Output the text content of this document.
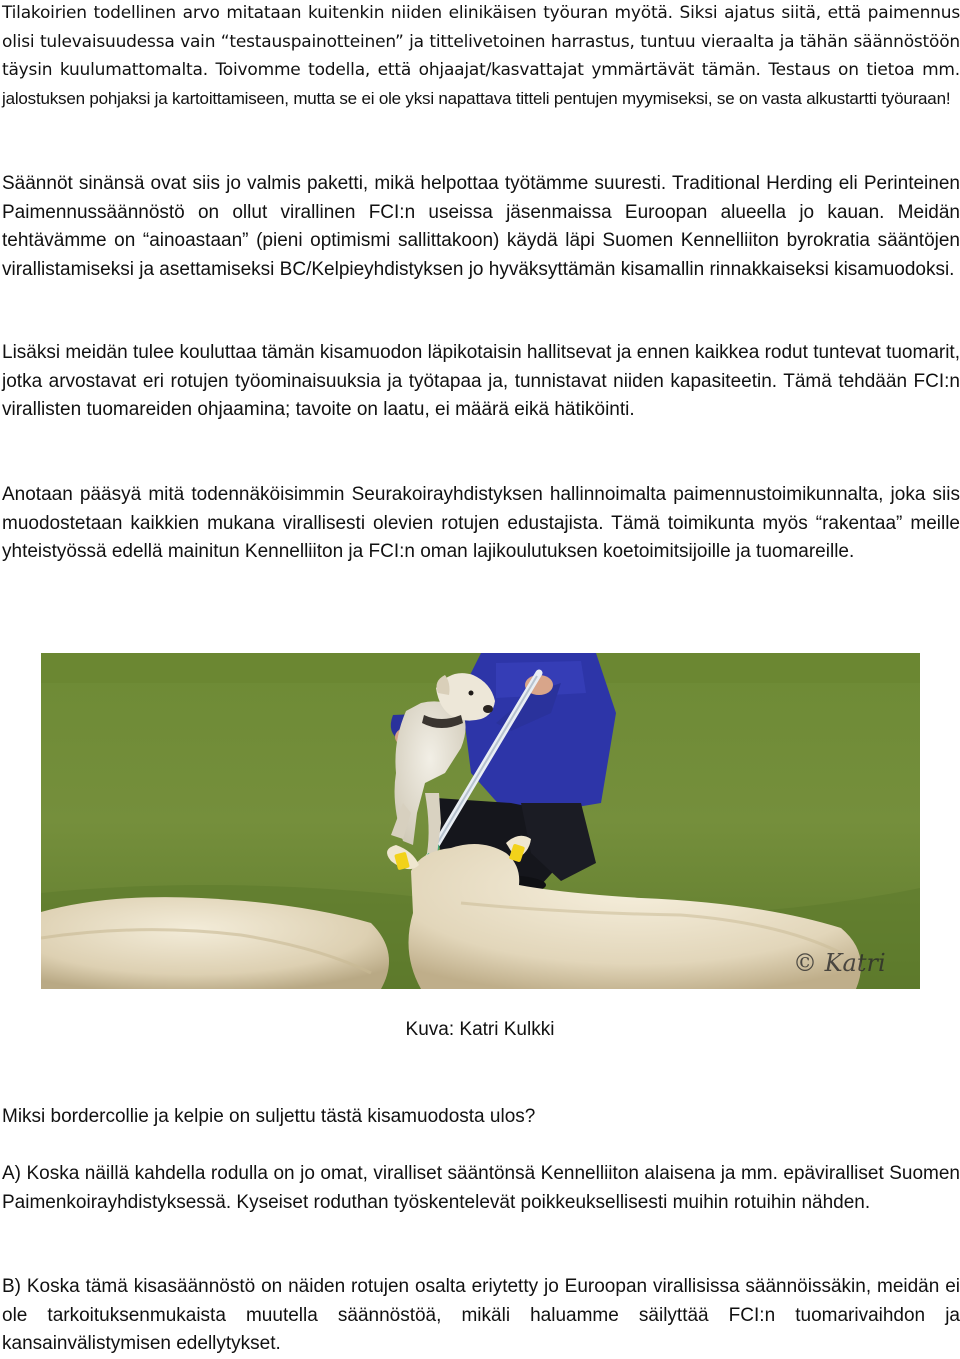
Tilakoirien todellinen arvo mitataan kuitenkin niiden elinikäisen työuran myötä. Siksi ajatus siitä, että paimennus olisi tulevaisuudessa vain “testauspainotteinen” ja tittelivetoinen harrastus, tuntuu vieraalta ja tähän säännöstöön täysin kuulumattomalta. Toivomme todella, että ohjaajat/kasvattajat ymmärtävät tämän. Testaus on tietoa mm. jalostuksen pohjaksi ja kartoittamiseen, mutta se ei ole yksi napattava titteli pentujen myymiseksi, se on vasta alkustartti työuraan!

Säännöt sinänsä ovat siis jo valmis paketti, mikä helpottaa työtämme suuresti. Traditional Herding eli Perinteinen Paimennussäännöstö on ollut virallinen FCI:n useissa jäsenmaissa Euroopan alueella jo kauan. Meidän tehtävämme on “ainoastaan” (pieni optimismi sallittakoon) käydä läpi Suomen Kennelliiton byrokratia sääntöjen virallistamiseksi ja asettamiseksi BC/Kelpieyhdistyksen jo hyväksyttämän kisamallin rinnakkaiseksi kisamuodoksi.

Lisäksi meidän tulee kouluttaa tämän kisamuodon läpikotaisin hallitsevat ja ennen kaikkea rodut tuntevat tuomarit, jotka arvostavat eri rotujen työominaisuuksia ja työtapaa ja, tunnistavat niiden kapasiteetin. Tämä tehdään FCI:n virallisten tuomareiden ohjaamina; tavoite on laatu, ei määrä eikä hätiköinti.

Anotaan pääsyä mitä todennäköisimmin Seurakoirayhdistyksen hallinnoimalta paimennustoimikunnalta, joka siis muodostetaan kaikkien mukana virallisesti olevien rotujen edustajista. Tämä toimikunta myös “rakentaa” meille yhteistyössä edellä mainitun Kennelliiton ja FCI:n oman lajikoulutuksen koetoimitsijoille ja tuomareille.

© Katri
Kuva: Katri Kulkki

Miksi bordercollie ja kelpie on suljettu tästä kisamuodosta ulos?

A) Koska näillä kahdella rodulla on jo omat, viralliset sääntönsä Kennelliiton alaisena ja mm. epäviralliset Suomen Paimenkoirayhdistyksessä. Kyseiset roduthan työskentelevät poikkeuksellisesti muihin rotuihin nähden.

B) Koska tämä kisasäännöstö on näiden rotujen osalta eriytetty jo Euroopan virallisissa säännöissäkin, meidän ei ole tarkoituksenmukaista muutella säännöstöä, mikäli haluamme säilyttää FCI:n tuomarivaihdon ja kansainvälistymisen edellytykset.
